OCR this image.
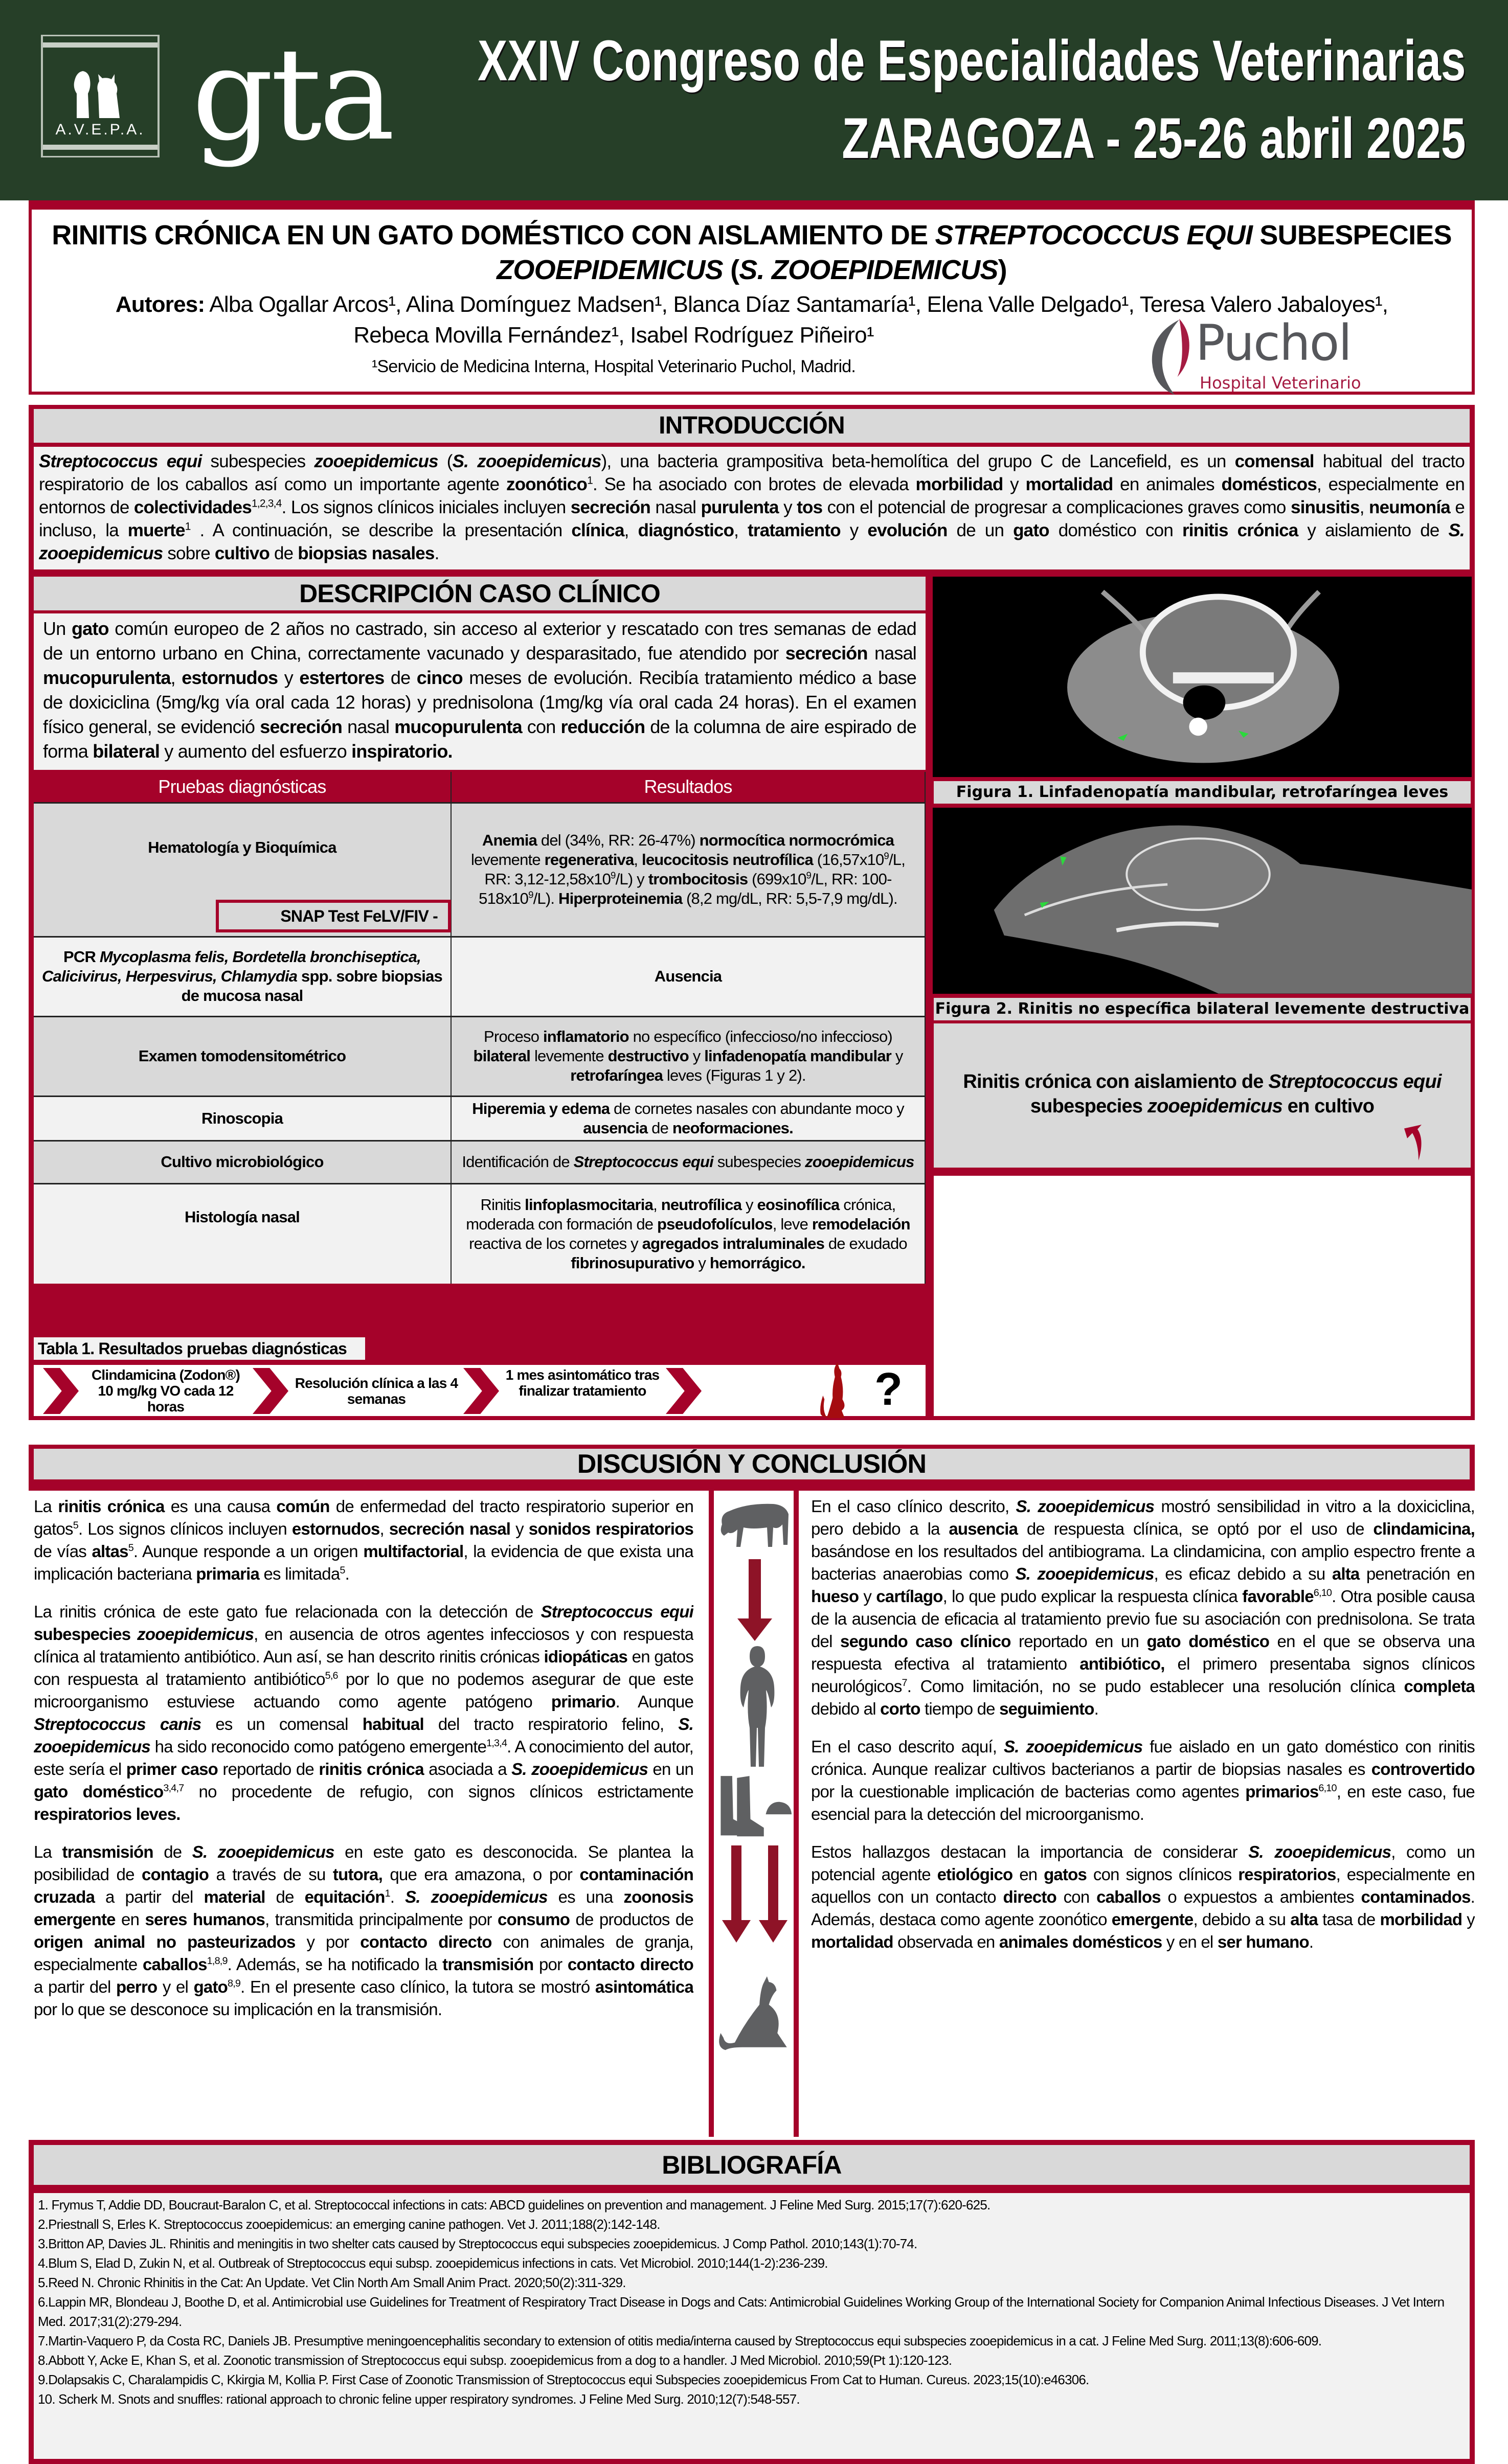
A.V.E.P.A. gta XXIV Congreso de Especialidades Veterinarias
ZARAGOZA - 25-26 abril 2025
RINITIS CRÓNICA EN UN GATO DOMÉSTICO CON AISLAMIENTO DE STREPTOCOCCUS EQUI SUBESPECIES
ZOOEPIDEMICUS (S. ZOOEPIDEMICUS)
Autores: Alba Ogallar Arcos¹, Alina Domínguez Madsen¹, Blanca Díaz Santamaría¹, Elena Valle Delgado¹, Teresa Valero Jabaloyes¹,
Rebeca Movilla Fernández¹, Isabel Rodríguez Piñeiro¹
¹Servicio de Medicina Interna, Hospital Veterinario Puchol, Madrid.	Puchol
Hospital Veterinario
INTRODUCCIÓN
Streptococcus equi subespecies zooepidemicus (S. zooepidemicus), una bacteria grampositiva beta-hemolítica del grupo C de Lancefield, es un comensal habitual del tracto respiratorio de los caballos así como un importante agente zoonótico$^1$. Se ha asociado con brotes de elevada morbilidad y mortalidad en animales domésticos, especialmente en entornos de colectividades$^{1,2,3,4}$. Los signos clínicos iniciales incluyen secreción nasal purulenta y tos con el potencial de progresar a complicaciones graves como sinusitis, neumonía e incluso, la muerte$^1$ . A continuación, se describe la presentación clínica, diagnóstico, tratamiento y evolución de un gato doméstico con rinitis crónica y aislamiento de S. zooepidemicus sobre cultivo de biopsias nasales.
DESCRIPCIÓN CASO CLÍNICO
Un gato común europeo de 2 años no castrado, sin acceso al exterior y rescatado con tres semanas de edad de un entorno urbano en China, correctamente vacunado y desparasitado, fue atendido por secreción nasal mucopurulenta, estornudos y estertores de cinco meses de evolución. Recibía tratamiento médico a base de doxiciclina (5mg/kg vía oral cada 12 horas) y prednisolona (1mg/kg vía oral cada 24 horas). En el examen físico general, se evidenció secreción nasal mucopurulenta con reducción de la columna de aire espirado de forma bilateral y aumento del esfuerzo inspiratorio.
Pruebas diagnósticas	Resultados
Hematología y Bioquímica	Anemia del (34%, RR: 26-47%) normocítica normocrómica levemente regenerativa, leucocitosis neutrofílica ($16,57x10^9/L$, RR: $3,12-12,58x10^9/L$) y trombocitosis ($699x10^9/L$, RR: $100-518x10^9/L$). Hiperproteinemia (8,2 mg/dL, RR: 5,5-7,9 mg/dL).
PCR Mycoplasma felis, Bordetella bronchiseptica, Calicivirus, Herpesvirus, Chlamydia spp. sobre biopsias de mucosa nasal	Ausencia
Examen tomodensitométrico	Proceso inflamatorio no específico (infeccioso/no infeccioso) bilateral levemente destructivo y linfadenopatía mandibular y retrofaríngea leves (Figuras 1 y 2).
Rinoscopia	Hiperemia y edema de cornetes nasales con abundante moco y ausencia de neoformaciones.
Cultivo microbiológico	Identificación de Streptococcus equi subespecies zooepidemicus
Histología nasal	Rinitis linfoplasmocitaria, neutrofílica y eosinofílica crónica, moderada con formación de pseudofolículos, leve remodelación reactiva de los cornetes y agregados intraluminales de exudado fibrinosupurativo y hemorrágico.
SNAP Test FeLV/FIV -
Tabla 1. Resultados pruebas diagnósticas
Clindamicina (Zodon®) 10 mg/kg VO cada 12 horas
Resolución clínica a las 4 semanas
1 mes asintomático tras finalizar tratamiento	?
Figura 1. Linfadenopatía mandibular, retrofaríngea leves
Figura 2. Rinitis no específica bilateral levemente destructiva
Rinitis crónica con aislamiento de Streptococcus equi
subespecies zooepidemicus en cultivo
DISCUSIÓN Y CONCLUSIÓN

La rinitis crónica es una causa común de enfermedad del tracto respiratorio superior en gatos$^5$. Los signos clínicos incluyen estornudos, secreción nasal y sonidos respiratorios de vías altas$^5$. Aunque responde a un origen multifactorial, la evidencia de que exista una implicación bacteriana primaria es limitada$^5$.

La rinitis crónica de este gato fue relacionada con la detección de Streptococcus equi subespecies zooepidemicus, en ausencia de otros agentes infecciosos y con respuesta clínica al tratamiento antibiótico. Aun así, se han descrito rinitis crónicas idiopáticas en gatos con respuesta al tratamiento antibiótico$^{5,6}$ por lo que no podemos asegurar de que este microorganismo estuviese actuando como agente patógeno primario. Aunque Streptococcus canis es un comensal habitual del tracto respiratorio felino, S. zooepidemicus ha sido reconocido como patógeno emergente$^{1,3,4}$. A conocimiento del autor, este sería el primer caso reportado de rinitis crónica asociada a S. zooepidemicus en un gato doméstico$^{3,4,7}$ no procedente de refugio, con signos clínicos estrictamente respiratorios leves.

La transmisión de S. zooepidemicus en este gato es desconocida. Se plantea la posibilidad de contagio a través de su tutora, que era amazona, o por contaminación cruzada a partir del material de equitación$^1$. S. zooepidemicus es una zoonosis emergente en seres humanos, transmitida principalmente por consumo de productos de origen animal no pasteurizados y por contacto directo con animales de granja, especialmente caballos$^{1,8,9}$. Además, se ha notificado la transmisión por contacto directo a partir del perro y el gato$^{8,9}$. En el presente caso clínico, la tutora se mostró asintomática por lo que se desconoce su implicación en la transmisión.

En el caso clínico descrito, S. zooepidemicus mostró sensibilidad in vitro a la doxiciclina, pero debido a la ausencia de respuesta clínica, se optó por el uso de clindamicina, basándose en los resultados del antibiograma. La clindamicina, con amplio espectro frente a bacterias anaerobias como S. zooepidemicus, es eficaz debido a su alta penetración en hueso y cartílago, lo que pudo explicar la respuesta clínica favorable$^{6,10}$. Otra posible causa de la ausencia de eficacia al tratamiento previo fue su asociación con prednisolona. Se trata del segundo caso clínico reportado en un gato doméstico en el que se observa una respuesta efectiva al tratamiento antibiótico, el primero presentaba signos clínicos neurológicos$^7$. Como limitación, no se pudo establecer una resolución clínica completa debido al corto tiempo de seguimiento.

En el caso descrito aquí, S. zooepidemicus fue aislado en un gato doméstico con rinitis crónica. Aunque realizar cultivos bacterianos a partir de biopsias nasales es controvertido por la cuestionable implicación de bacterias como agentes primarios$^{6,10}$, en este caso, fue esencial para la detección del microorganismo.

Estos hallazgos destacan la importancia de considerar S. zooepidemicus, como un potencial agente etiológico en gatos con signos clínicos respiratorios, especialmente en aquellos con un contacto directo con caballos o expuestos a ambientes contaminados. Además, destaca como agente zoonótico emergente, debido a su alta tasa de morbilidad y mortalidad observada en animales domésticos y en el ser humano.

BIBLIOGRAFÍA
1. Frymus T, Addie DD, Boucraut-Baralon C, et al. Streptococcal infections in cats: ABCD guidelines on prevention and management. J Feline Med Surg. 2015;17(7):620-625.
2.Priestnall S, Erles K. Streptococcus zooepidemicus: an emerging canine pathogen. Vet J. 2011;188(2):142-148.
3.Britton AP, Davies JL. Rhinitis and meningitis in two shelter cats caused by Streptococcus equi subspecies zooepidemicus. J Comp Pathol. 2010;143(1):70-74.
4.Blum S, Elad D, Zukin N, et al. Outbreak of Streptococcus equi subsp. zooepidemicus infections in cats. Vet Microbiol. 2010;144(1-2):236-239.
5.Reed N. Chronic Rhinitis in the Cat: An Update. Vet Clin North Am Small Anim Pract. 2020;50(2):311-329.
6.Lappin MR, Blondeau J, Boothe D, et al. Antimicrobial use Guidelines for Treatment of Respiratory Tract Disease in Dogs and Cats: Antimicrobial Guidelines Working Group of the International Society for Companion Animal Infectious Diseases. J Vet Intern Med. 2017;31(2):279-294.
7.Martin-Vaquero P, da Costa RC, Daniels JB. Presumptive meningoencephalitis secondary to extension of otitis media/interna caused by Streptococcus equi subspecies zooepidemicus in a cat. J Feline Med Surg. 2011;13(8):606-609.
8.Abbott Y, Acke E, Khan S, et al. Zoonotic transmission of Streptococcus equi subsp. zooepidemicus from a dog to a handler. J Med Microbiol. 2010;59(Pt 1):120-123.
9.Dolapsakis C, Charalampidis C, Kkirgia M, Kollia P. First Case of Zoonotic Transmission of Streptococcus equi Subspecies zooepidemicus From Cat to Human. Cureus. 2023;15(10):e46306.
10. Scherk M. Snots and snuffles: rational approach to chronic feline upper respiratory syndromes. J Feline Med Surg. 2010;12(7):548-557.
